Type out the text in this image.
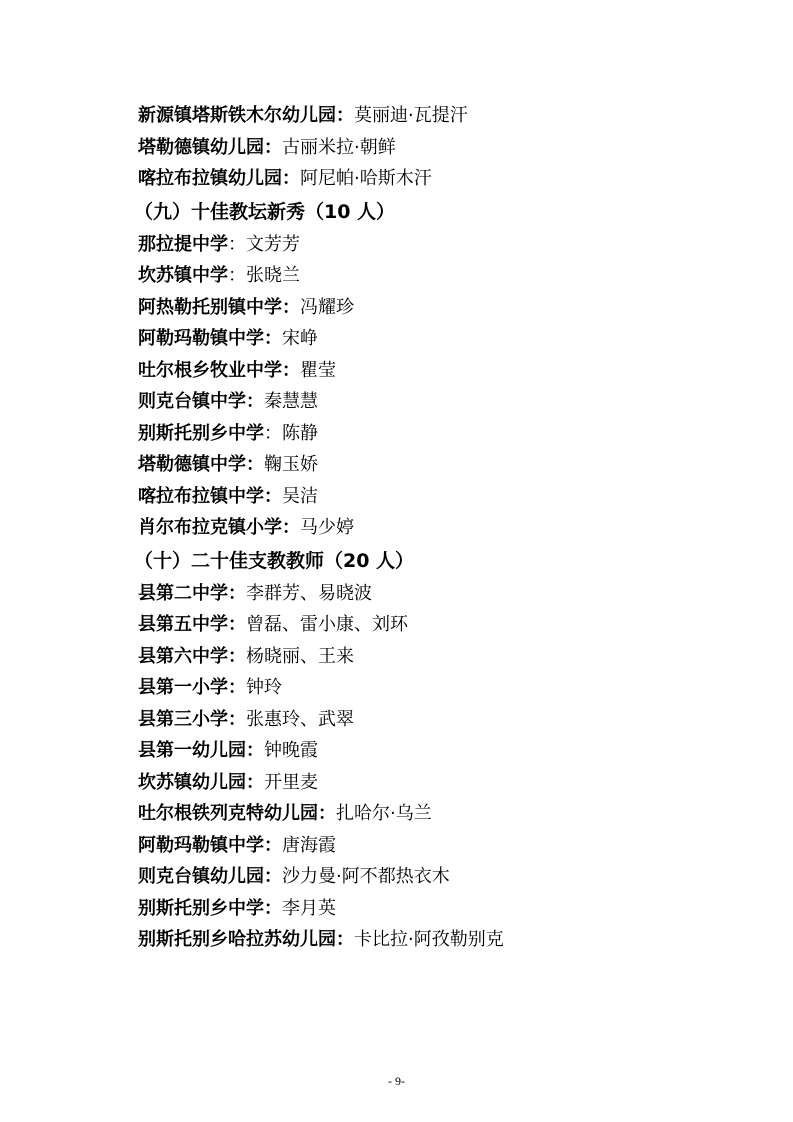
新源镇塔斯铁木尔幼儿园：莫丽迪·瓦提汗
塔勒德镇幼儿园：古丽米拉·朝鲜
喀拉布拉镇幼儿园：阿尼帕·哈斯木汗
（九）十佳教坛新秀（10 人）
那拉提中学：文芳芳
坎苏镇中学：张晓兰
阿热勒托别镇中学：冯耀珍
阿勒玛勒镇中学：宋峥
吐尔根乡牧业中学：瞿莹
则克台镇中学：秦慧慧
别斯托别乡中学：陈静
塔勒德镇中学：鞠玉娇
喀拉布拉镇中学：吴洁
肖尔布拉克镇小学：马少婷
（十）二十佳支教教师（20 人）
县第二中学：李群芳、易晓波
县第五中学：曾磊、雷小康、刘环
县第六中学：杨晓丽、王来
县第一小学：钟玲
县第三小学：张惠玲、武翠
县第一幼儿园：钟晚霞
坎苏镇幼儿园：开里麦
吐尔根铁列克特幼儿园：扎哈尔·乌兰
阿勒玛勒镇中学：唐海霞
则克台镇幼儿园：沙力曼·阿不都热衣木
别斯托别乡中学：李月英
别斯托别乡哈拉苏幼儿园：卡比拉·阿孜勒别克
- 9-
